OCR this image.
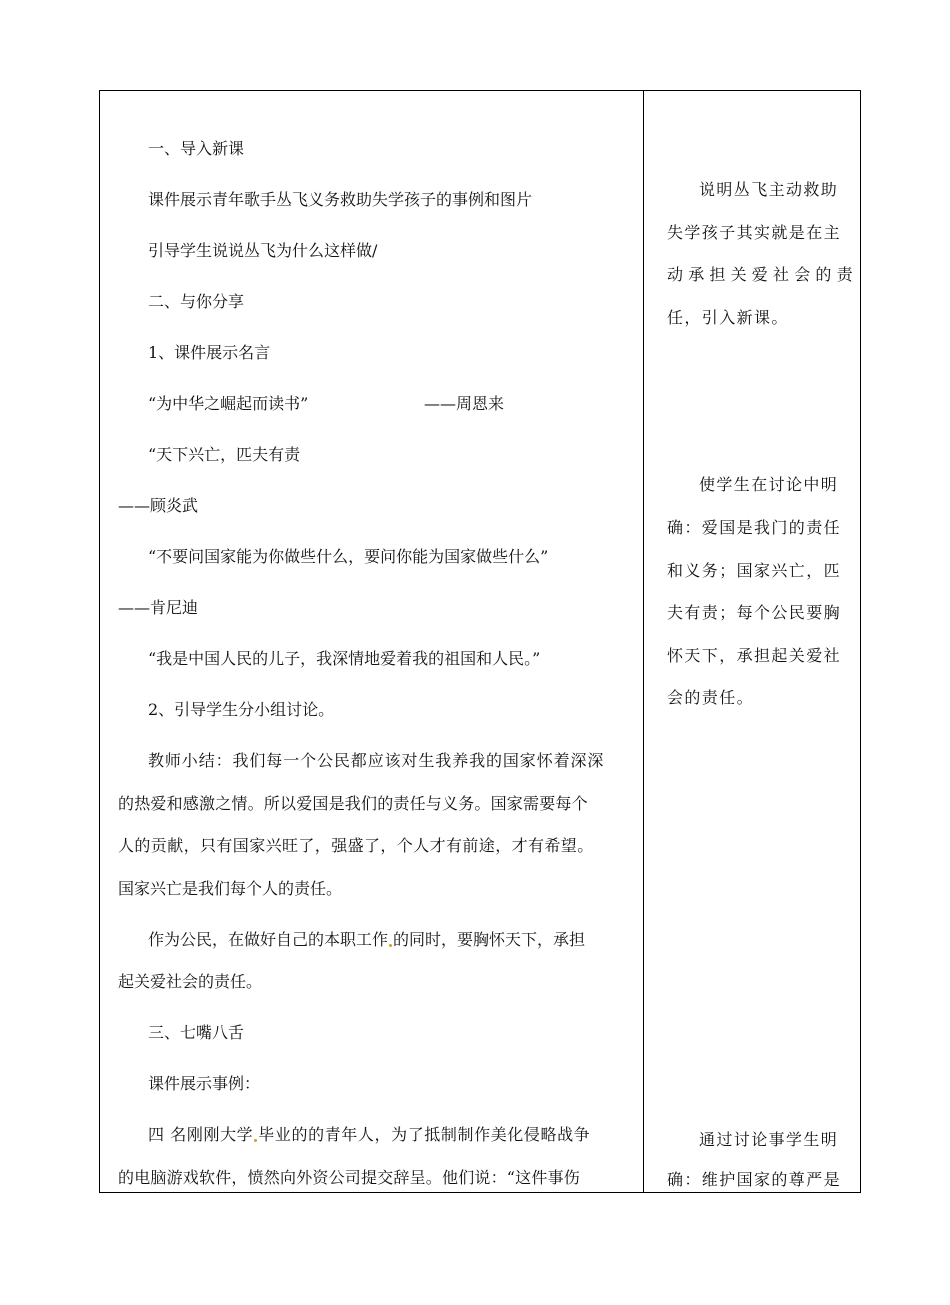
一、导入新课
课件展示青年歌手丛飞义务救助失学孩子的事例和图片
引导学生说说丛飞为什么这样做/
二、与你分享
1、课件展示名言
“为中华之崛起而读书”	——周恩来
“天下兴亡，匹夫有责
——顾炎武
“不要问国家能为你做些什么，要问你能为国家做些什么”
——肯尼迪
“我是中国人民的儿子，我深情地爱着我的祖国和人民。”
2、引导学生分小组讨论。
教师小结：我们每一个公民都应该对生我养我的国家怀着深深
的热爱和感激之情。所以爱国是我们的责任与义务。国家需要每个
人的贡献，只有国家兴旺了，强盛了，个人才有前途，才有希望。
国家兴亡是我们每个人的责任。
作为公民，在做好自己的本职工作 的同时，要胸怀天下，承担
起关爱社会的责任。
三、七嘴八舌
课件展示事例：
四 名刚刚大学 毕业的的青年人，为了抵制制作美化侵略战争
的电脑游戏软件，愤然向外资公司提交辞呈。他们说：“这件事伤
说明丛飞主动救助
失学孩子其实就是在主
动承担关爱社会的责
任，引入新课。
使学生在讨论中明
确：爱国是我门的责任
和义务；国家兴亡，匹
夫有责；每个公民要胸
怀天下，承担起关爱社
会的责任。
通过讨论事学生明
确：维护国家的尊严是
